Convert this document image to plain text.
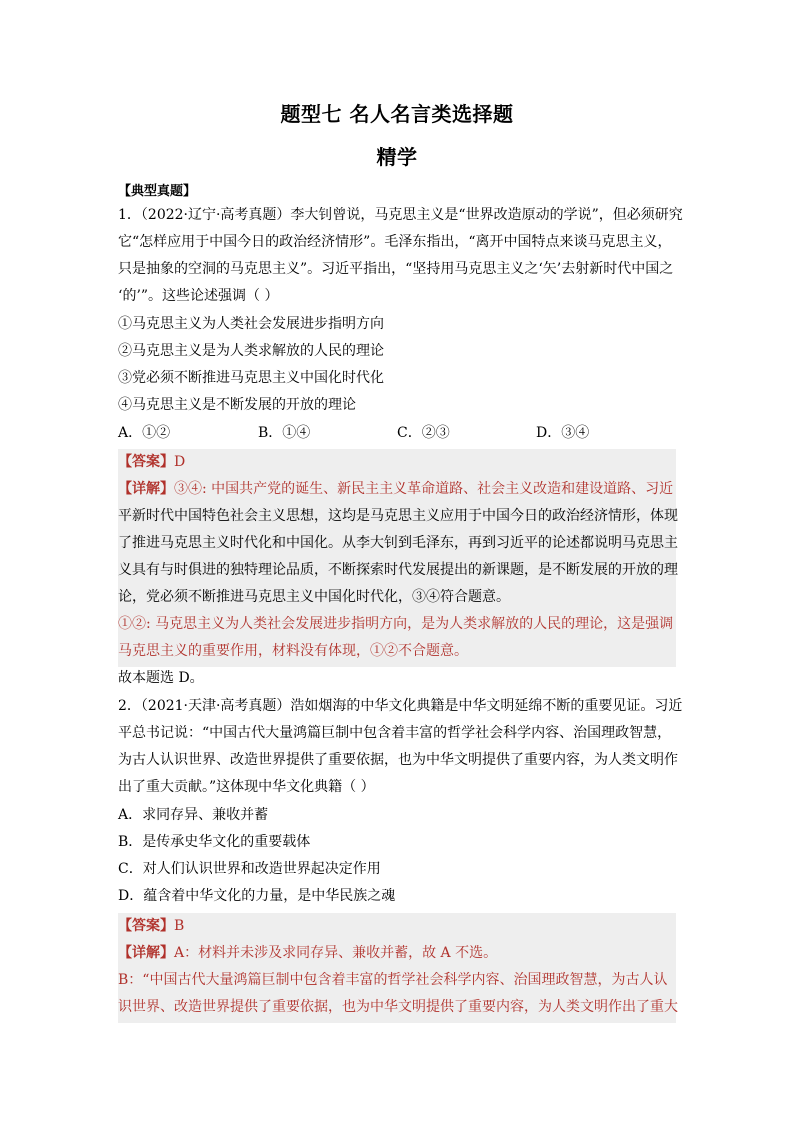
题型七 名人名言类选择题
精学
【典型真题】
1．（2022·辽宁·高考真题）李大钊曾说，马克思主义是“世界改造原动的学说”，但必须研究
它“怎样应用于中国今日的政治经济情形”。毛泽东指出，“离开中国特点来谈马克思主义，
只是抽象的空洞的马克思主义”。习近平指出，“坚持用马克思主义之‘矢’去射新时代中国之
‘的’”。这些论述强调（ ）
①马克思主义为人类社会发展进步指明方向
②马克思主义是为人类求解放的人民的理论
③党必须不断推进马克思主义中国化时代化
④马克思主义是不断发展的开放的理论
A．①②	B．①④	C．②③	D．③④
【答案】D
【详解】③④: 中国共产党的诞生、新民主主义革命道路、社会主义改造和建设道路、习近
平新时代中国特色社会主义思想，这均是马克思主义应用于中国今日的政治经济情形，体现
了推进马克思主义时代化和中国化。从李大钊到毛泽东，再到习近平的论述都说明马克思主
义具有与时俱进的独特理论品质，不断探索时代发展提出的新课题，是不断发展的开放的理
论，党必须不断推进马克思主义中国化时代化，③④符合题意。
①②: 马克思主义为人类社会发展进步指明方向，是为人类求解放的人民的理论，这是强调
马克思主义的重要作用，材料没有体现，①②不合题意。
故本题选 D。
2．（2021·天津·高考真题）浩如烟海的中华文化典籍是中华文明延绵不断的重要见证。习近
平总书记说：“中国古代大量鸿篇巨制中包含着丰富的哲学社会科学内容、治国理政智慧，
为古人认识世界、改造世界提供了重要依据，也为中华文明提供了重要内容，为人类文明作
出了重大贡献。”这体现中华文化典籍（ ）
A．求同存异、兼收并蓄
B．是传承史华文化的重要载体
C．对人们认识世界和改造世界起决定作用
D．蕴含着中华文化的力量，是中华民族之魂
【答案】B
【详解】A：材料并未涉及求同存异、兼收并蓄，故 A 不选。
B：“中国古代大量鸿篇巨制中包含着丰富的哲学社会科学内容、治国理政智慧，为古人认
识世界、改造世界提供了重要依据，也为中华文明提供了重要内容，为人类文明作出了重大
